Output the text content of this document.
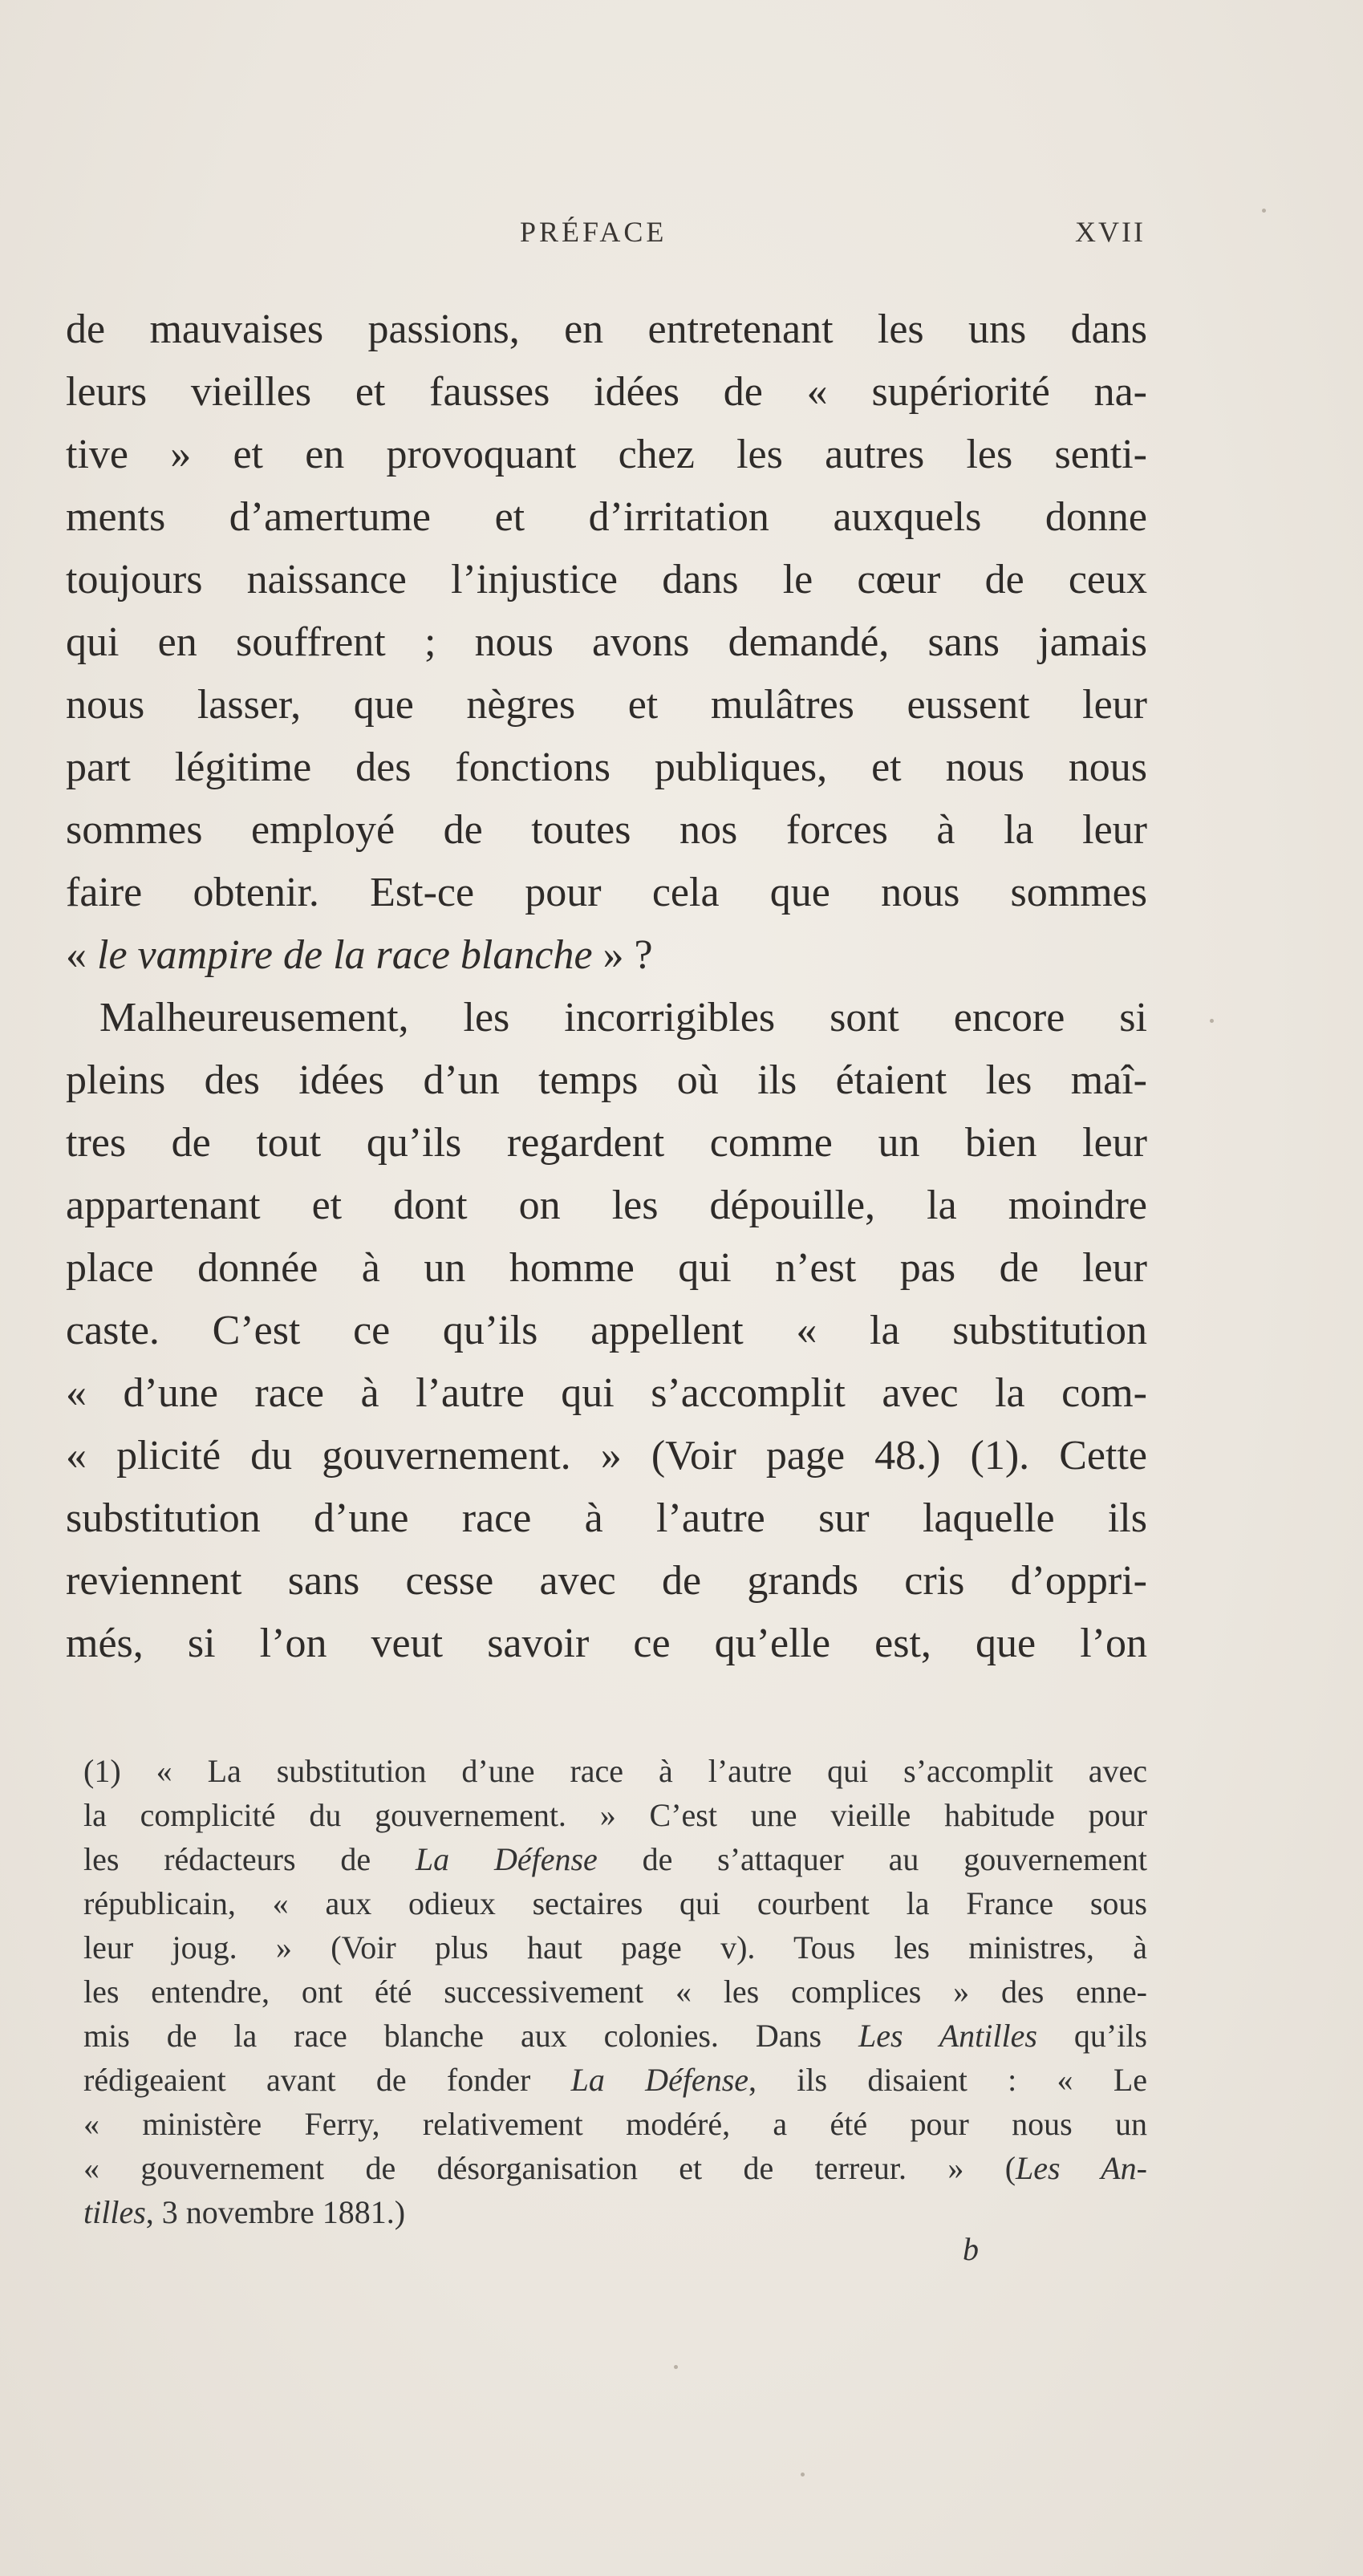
PRÉFACE	XVII
de mauvaises passions, en entretenant les uns dans
leurs vieilles et fausses idées de « supériorité na-
tive » et en provoquant chez les autres les senti-
ments d’amertume et d’irritation auxquels donne
toujours naissance l’injustice dans le cœur de ceux
qui en souffrent ; nous avons demandé, sans jamais
nous lasser, que nègres et mulâtres eussent leur
part légitime des fonctions publiques, et nous nous
sommes employé de toutes nos forces à la leur
faire obtenir. Est-ce pour cela que nous sommes
« le vampire de la race blanche » ?
Malheureusement, les incorrigibles sont encore si
pleins des idées d’un temps où ils étaient les maî-
tres de tout qu’ils regardent comme un bien leur
appartenant et dont on les dépouille, la moindre
place donnée à un homme qui n’est pas de leur
caste. C’est ce qu’ils appellent « la substitution
« d’une race à l’autre qui s’accomplit avec la com-
« plicité du gouvernement. » (Voir page 48.) (1). Cette
substitution d’une race à l’autre sur laquelle ils
reviennent sans cesse avec de grands cris d’oppri-
més, si l’on veut savoir ce qu’elle est, que l’on
(1) « La substitution d’une race à l’autre qui s’accomplit avec
la complicité du gouvernement. » C’est une vieille habitude pour
les rédacteurs de La Défense de s’attaquer au gouvernement
républicain, « aux odieux sectaires qui courbent la France sous
leur joug. » (Voir plus haut page v). Tous les ministres, à
les entendre, ont été successivement « les complices » des enne-
mis de la race blanche aux colonies. Dans Les Antilles qu’ils
rédigeaient avant de fonder La Défense, ils disaient : « Le
« ministère Ferry, relativement modéré, a été pour nous un
« gouvernement de désorganisation et de terreur. » (Les An-
tilles, 3 novembre 1881.)
b
